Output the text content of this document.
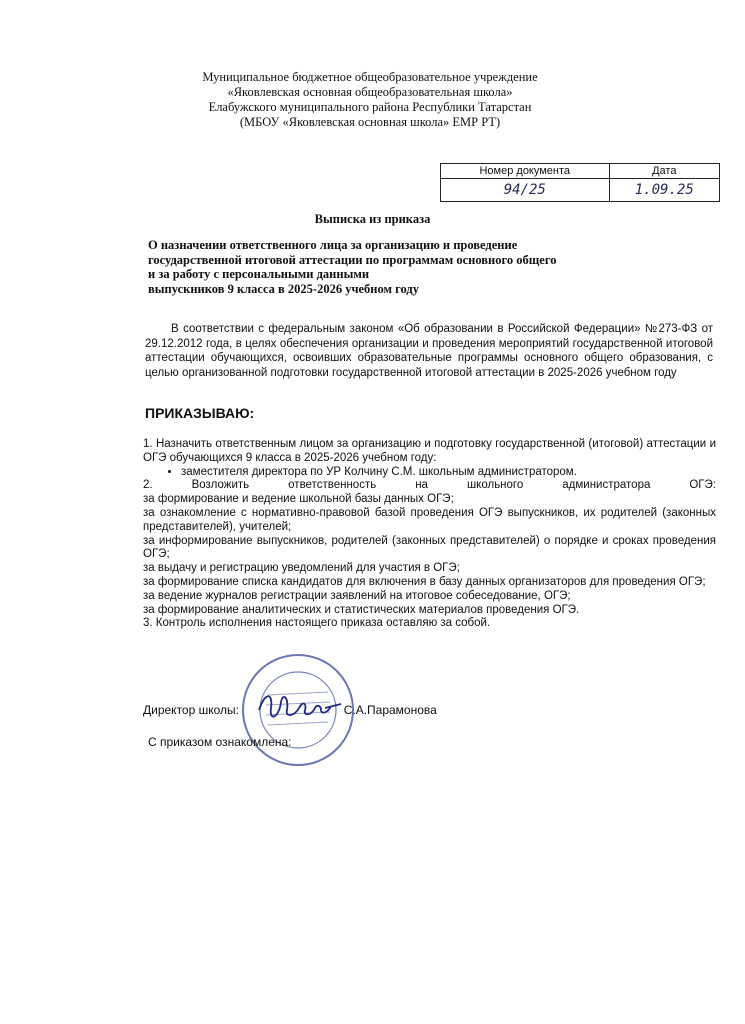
Муниципальное бюджетное общеобразовательное учреждение
«Яковлевская основная общеобразовательная школа»
Елабужского муниципального района Республики Татарстан
(МБОУ «Яковлевская основная школа» ЕМР РТ)
Номер документа	Дата
94/25	1.09.25
Выписка из приказа
О назначении ответственного лица за организацию и проведение
государственной итоговой аттестации по программам основного общего
и за работу с персональными данными
выпускников 9 класса в 2025-2026 учебном году
В соответствии с федеральным законом «Об образовании в Российской Федерации» №273-ФЗ от 29.12.2012 года, в целях обеспечения организации и проведения мероприятий государственной итоговой аттестации обучающихся, освоивших образовательные программы основного общего образования, с целью организованной подготовки государственной итоговой аттестации в 2025-2026 учебном году
ПРИКАЗЫВАЮ:

1. Назначить ответственным лицом за организацию и подготовку государственной (итоговой) аттестации и ОГЭ обучающихся 9 класса в 2025-2026 учебном году:

• заместителя директора по УР Колчину С.М. школьным администратором.

2. Возложить ответственность на школьного администратора ОГЭ:

за формирование и ведение школьной базы данных ОГЭ;

за ознакомление с нормативно-правовой базой проведения ОГЭ выпускников, их родителей (законных представителей), учителей;

за информирование выпускников, родителей (законных представителей) о порядке и сроках проведения ОГЭ;

за выдачу и регистрацию уведомлений для участия в ОГЭ;

за формирование списка кандидатов для включения в базу данных организаторов для проведения ОГЭ;

за ведение журналов регистрации заявлений на итоговое собеседование, ОГЭ;

за формирование аналитических и статистических материалов проведения ОГЭ.

3. Контроль исполнения настоящего приказа оставляю за собой.

Директор школы:	С.А.Парамонова
С приказом ознакомлена:
